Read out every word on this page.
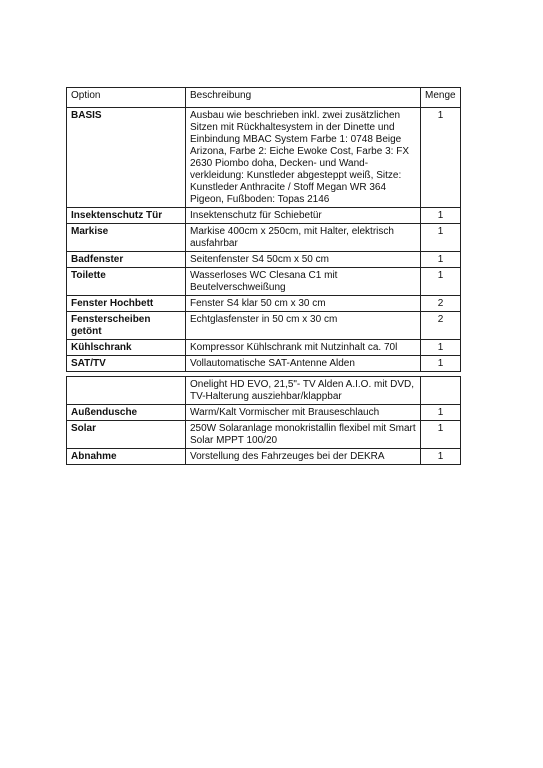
Option	Beschreibung	Menge
BASIS	Ausbau wie beschrieben inkl. zwei zusätzlichen Sitzen mit Rückhaltesystem in der Dinette und Einbindung MBAC System Farbe 1: 0748 Beige Arizona, Farbe 2: Eiche Ewoke Cost, Farbe 3: FX 2630 Piombo doha, Decken- und Wand-verkleidung: Kunstleder abgesteppt weiß, Sitze: Kunstleder Anthracite / Stoff Megan WR 364 Pigeon, Fußboden: Topas 2146	1
Insektenschutz Tür	Insektenschutz für Schiebetür	1
Markise	Markise 400cm x 250cm, mit Halter, elektrisch ausfahrbar	1
Badfenster	Seitenfenster S4 50cm x 50 cm	1
Toilette	Wasserloses WC Clesana C1 mit Beutelverschweißung	1
Fenster Hochbett	Fenster S4 klar 50 cm x 30 cm	2
Fensterscheiben getönt	Echtglasfenster in 50 cm x 30 cm	2
Kühlschrank	Kompressor Kühlschrank mit Nutzinhalt ca. 70l	1
SAT/TV	Vollautomatische SAT-Antenne Alden	1

	Onelight HD EVO, 21,5"- TV Alden A.I.O. mit DVD, TV-Halterung ausziehbar/klappbar	
Außendusche	Warm/Kalt Vormischer mit Brauseschlauch	1
Solar	250W Solaranlage monokristallin flexibel mit Smart Solar MPPT 100/20	1
Abnahme	Vorstellung des Fahrzeuges bei der DEKRA	1
